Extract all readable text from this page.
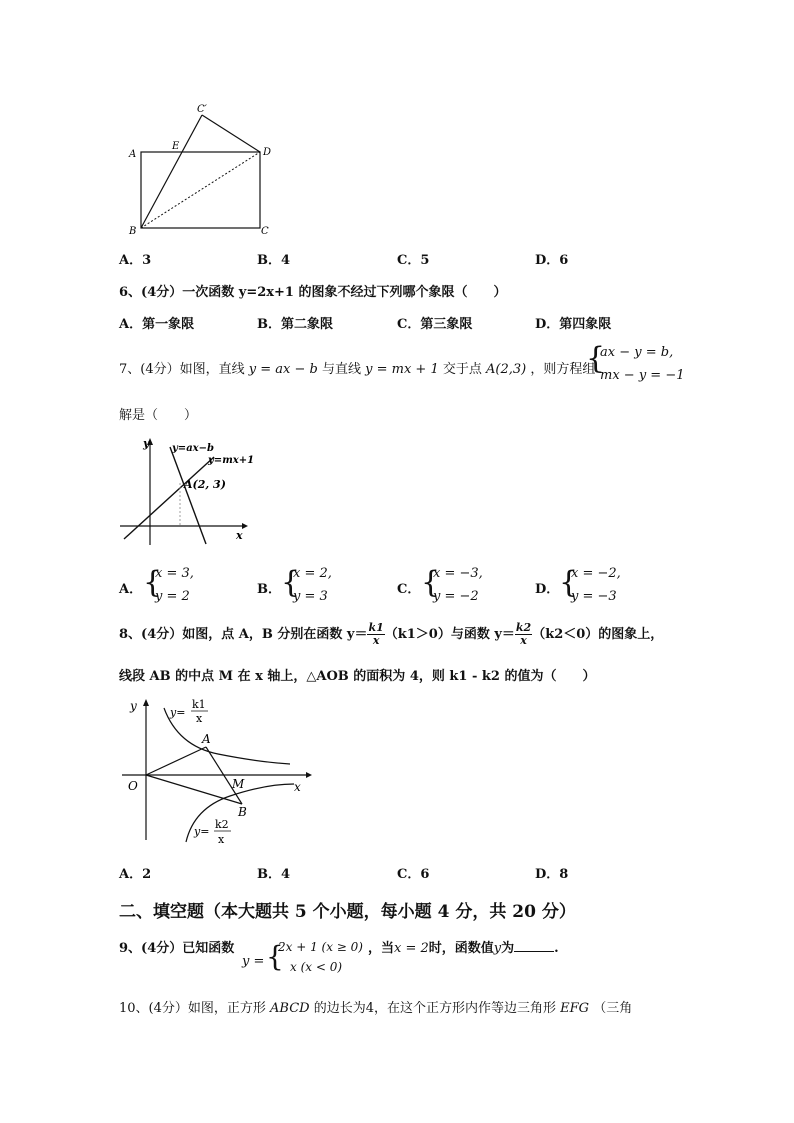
A
E
C′
D
B	C
A．3	B．4	C．5	D．6
6、(4分）一次函数 y=2x+1 的图象不经过下列哪个象限（　　）
A．第一象限	B．第二象限	C．第三象限	D．第四象限
7、(4分）如图，直线 y = ax − b 与直线 y = mx + 1 交于点 A(2,3) ，则方程组
{
ax − y = b,
mx − y = −1
解是（　　）
y
x
y=ax−b
y=mx+1
A(2, 3)
A． {
x = 3,
y = 2	B． {
x = 2,
y = 3	C． {
x = −3,
y = −2	D． {
x = −2,
y = −3
8、(4分）如图，点 A，B 分别在函数 $y= \frac{k1}{x} (k1>0)$与函数 $y= \frac{k2}{x} (k2<0)$的图象上，
线段 AB 的中点 M 在 x 轴上，△AOB 的面积为 4，则 k1 - k2 的值为（　　）
y
x
O
A
M
B
y=
k1
x
y=
k2
x
A．2	B．4	C．6	D．8
二、填空题（本大题共 5 个小题，每小题 4 分，共 20 分）
9、(4分）已知函数
y = {
2x + 1 (x ≥ 0)
x (x < 0)
，当x = 2时，函数值y为	.
10、(4分）如图，正方形 ABCD 的边长为4，在这个正方形内作等边三角形 EFG （三角
